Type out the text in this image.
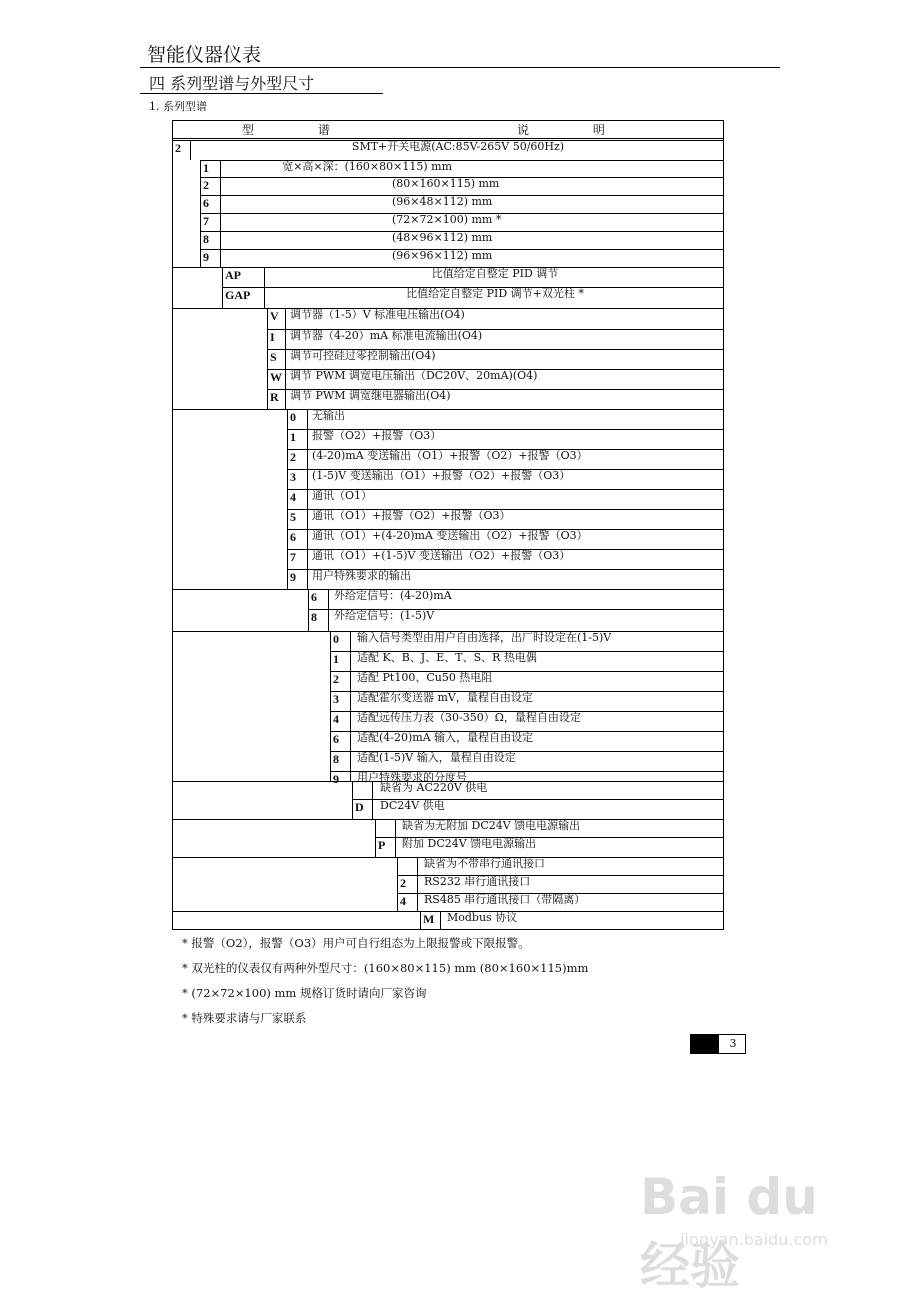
智能仪器仪表
四 系列型谱与外型尺寸
1. 系列型谱
型 谱	说 明
2	SMT+开关电源(AC:85V-265V 50/60Hz)
1	宽×高×深：(160×80×115) mm
2	(80×160×115) mm
6	(96×48×112) mm
7	(72×72×100) mm *
8	(48×96×112) mm
9	(96×96×112) mm
AP	比值给定自整定 PID 调节
GAP	比值给定自整定 PID 调节+双光柱 *
V	调节器（1-5）V 标准电压输出(O4)
I	调节器（4-20）mA 标准电流输出(O4)
S	调节可控硅过零控制输出(O4)
W 调节 PWM 调宽电压输出（DC20V、20mA)(O4)
R	调节 PWM 调宽继电器输出(O4)
0	无输出
1	报警（O2）+报警（O3）
2	(4-20)mA 变送输出（O1）+报警（O2）+报警（O3）
3	(1-5)V 变送输出（O1）+报警（O2）+报警（O3）
4	通讯（O1）
5	通讯（O1）+报警（O2）+报警（O3）
6	通讯（O1）+(4-20)mA 变送输出（O2）+报警（O3）
7	通讯（O1）+(1-5)V 变送输出（O2）+报警（O3）
9	用户特殊要求的输出
6	外给定信号：(4-20)mA
8	外给定信号：(1-5)V
0	输入信号类型由用户自由选择，出厂时设定在(1-5)V
1	适配 K、B、J、E、T、S、R 热电偶
2	适配 Pt100、Cu50 热电阻
3	适配霍尔变送器 mV，量程自由设定
4	适配远传压力表（30-350）Ω，量程自由设定
6	适配(4-20)mA 输入，量程自由设定
8	适配(1-5)V 输入，量程自由设定
9	用户特殊要求的分度号
缺省为 AC220V 供电
D	DC24V 供电
缺省为无附加 DC24V 馈电电源输出
P	附加 DC24V 馈电电源输出
缺省为不带串行通讯接口
2	RS232 串行通讯接口
4	RS485 串行通讯接口（带隔离）
M	Modbus 协议
* 报警（O2），报警（O3）用户可自行组态为上限报警或下限报警。
* 双光柱的仪表仅有两种外型尺寸：(160×80×115) mm (80×160×115)mm
* (72×72×100) mm 规格订货时请向厂家咨询
* 特殊要求请与厂家联系
3
Bai du 经验
jingyan.baidu.com
